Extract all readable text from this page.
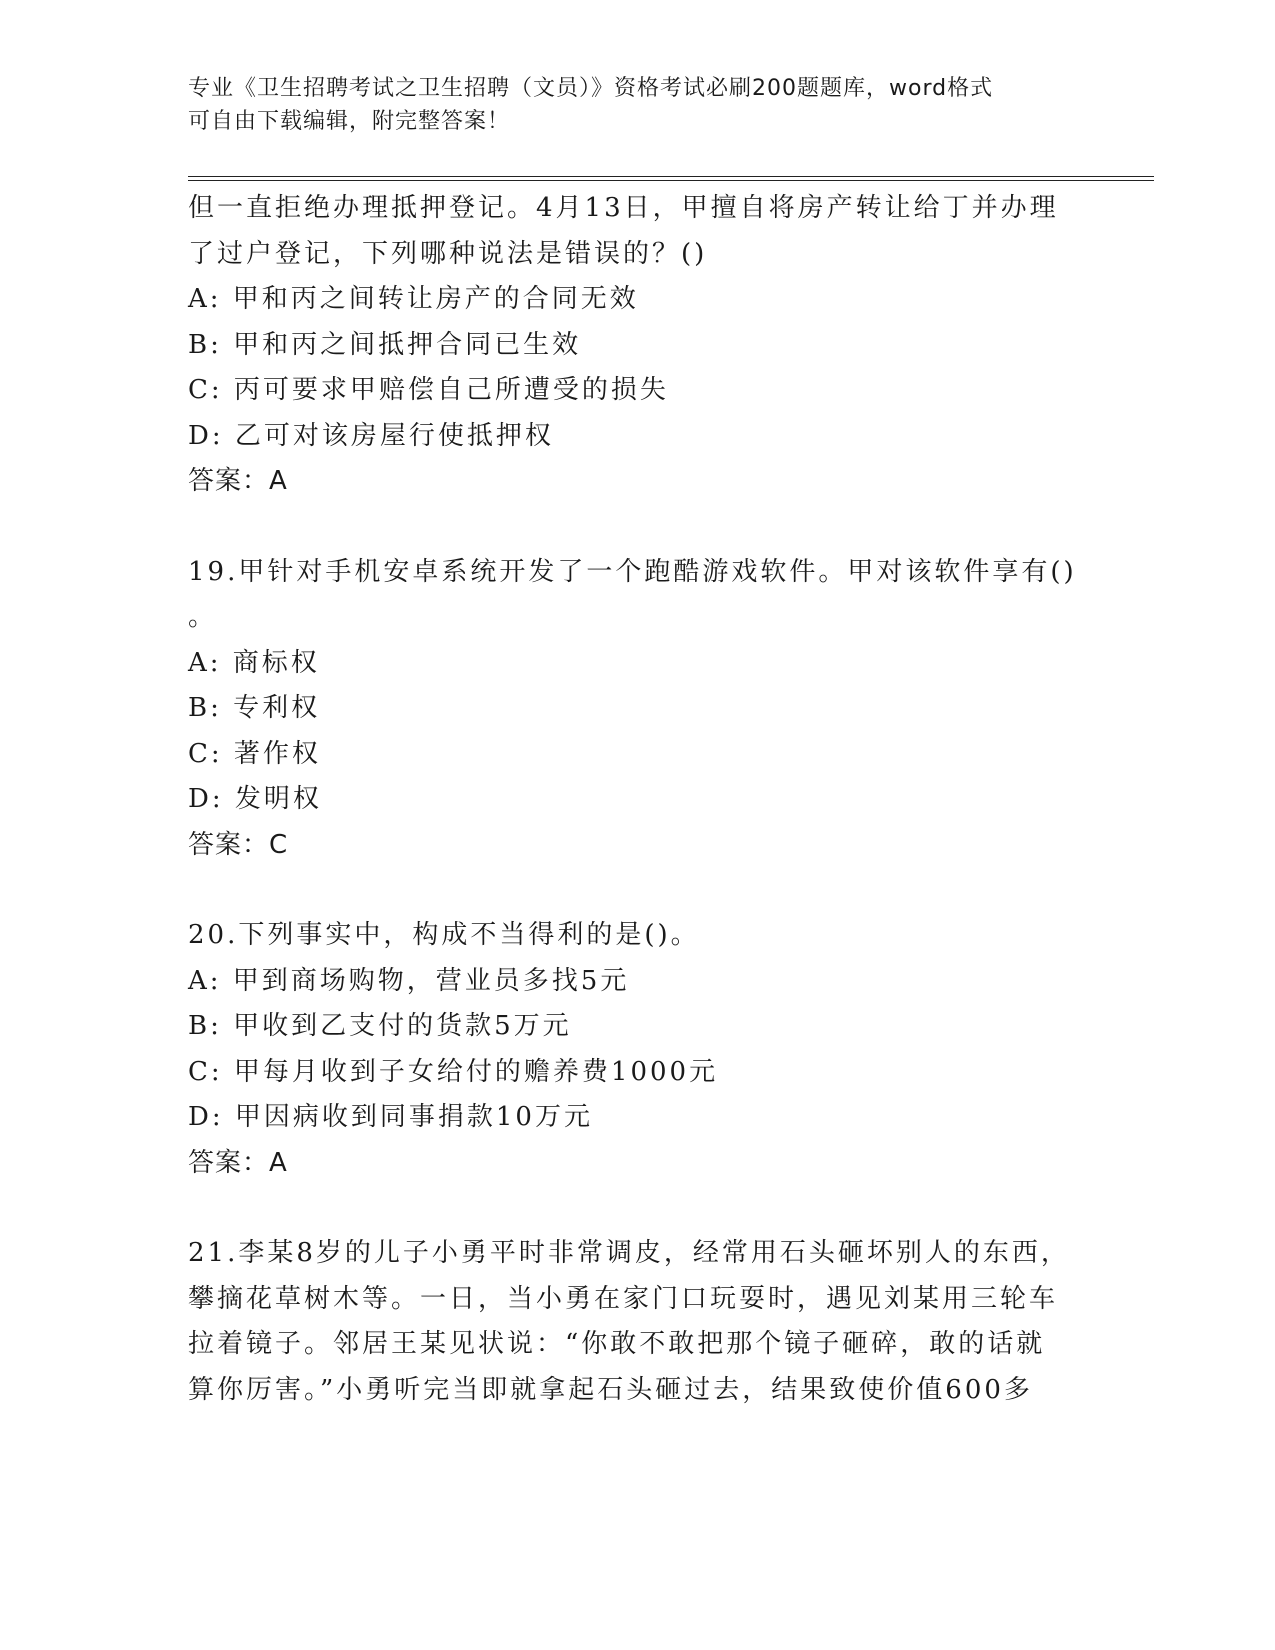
专业《卫生招聘考试之卫生招聘（文员）》资格考试必刷200题题库，word格式
可自由下载编辑，附完整答案！
但一直拒绝办理抵押登记。4月13日，甲擅自将房产转让给丁并办理
了过户登记，下列哪种说法是错误的？()
A: 甲和丙之间转让房产的合同无效
B: 甲和丙之间抵押合同已生效
C: 丙可要求甲赔偿自己所遭受的损失
D: 乙可对该房屋行使抵押权
答案：A
19.甲针对手机安卓系统开发了一个跑酷游戏软件。甲对该软件享有()
。
A: 商标权
B: 专利权
C: 著作权
D: 发明权
答案：C
20.下列事实中，构成不当得利的是()。
A: 甲到商场购物，营业员多找5元
B: 甲收到乙支付的货款5万元
C: 甲每月收到子女给付的赡养费1000元
D: 甲因病收到同事捐款10万元
答案：A
21.李某8岁的儿子小勇平时非常调皮，经常用石头砸坏别人的东西，
攀摘花草树木等。一日，当小勇在家门口玩耍时，遇见刘某用三轮车
拉着镜子。邻居王某见状说：“你敢不敢把那个镜子砸碎，敢的话就
算你厉害。”小勇听完当即就拿起石头砸过去，结果致使价值600多
